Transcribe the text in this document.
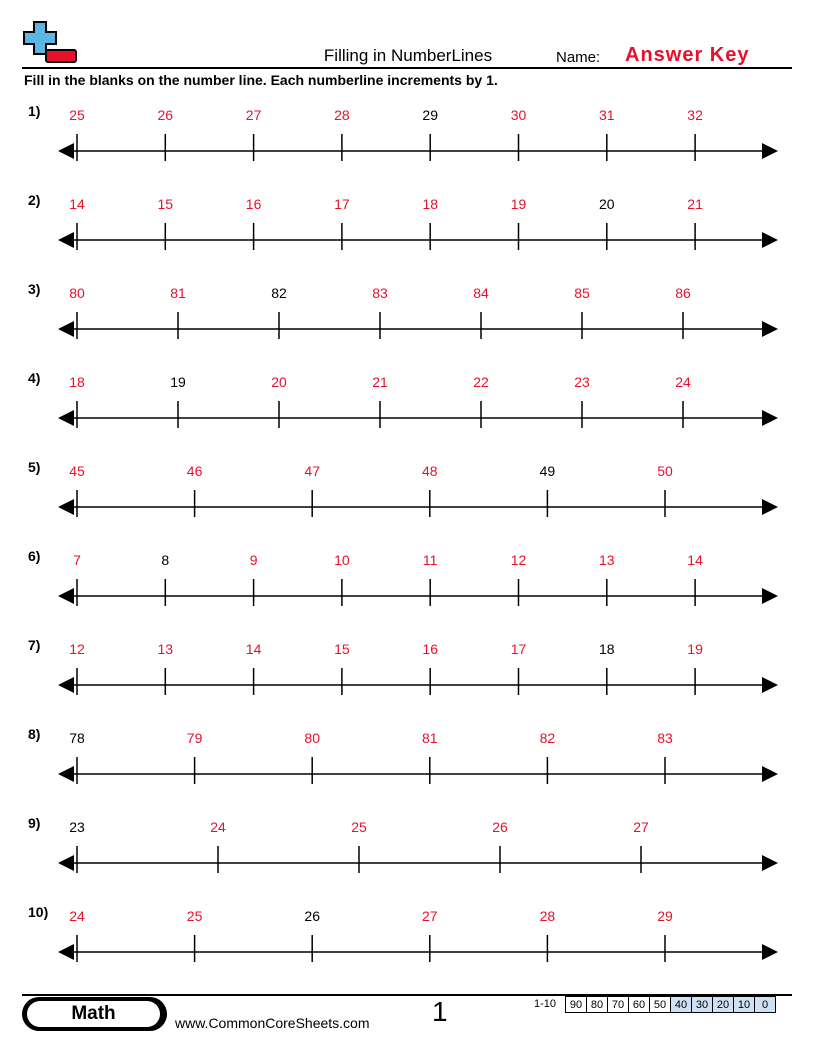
Filling in NumberLines	Name: Answer Key
Fill in the blanks on the number line. Each numberline increments by 1.
1) 25	26	27	28	29	30	31	32
2) 14	15	16	17	18	19	20	21
3) 80	81	82	83	84	85	86
4) 18	19	20	21	22	23	24
5) 45	46	47	48	49	50
6) 7	8	9	10	11	12	13	14
7) 12	13	14	15	16	17	18	19
8) 78	79	80	81	82	83
9) 23	24	25	26	27
10) 24	25	26	27	28	29
Math	www.CommonCoreSheets.com 1	1-10 90	80	70	60	50	40	30	20	10	0
